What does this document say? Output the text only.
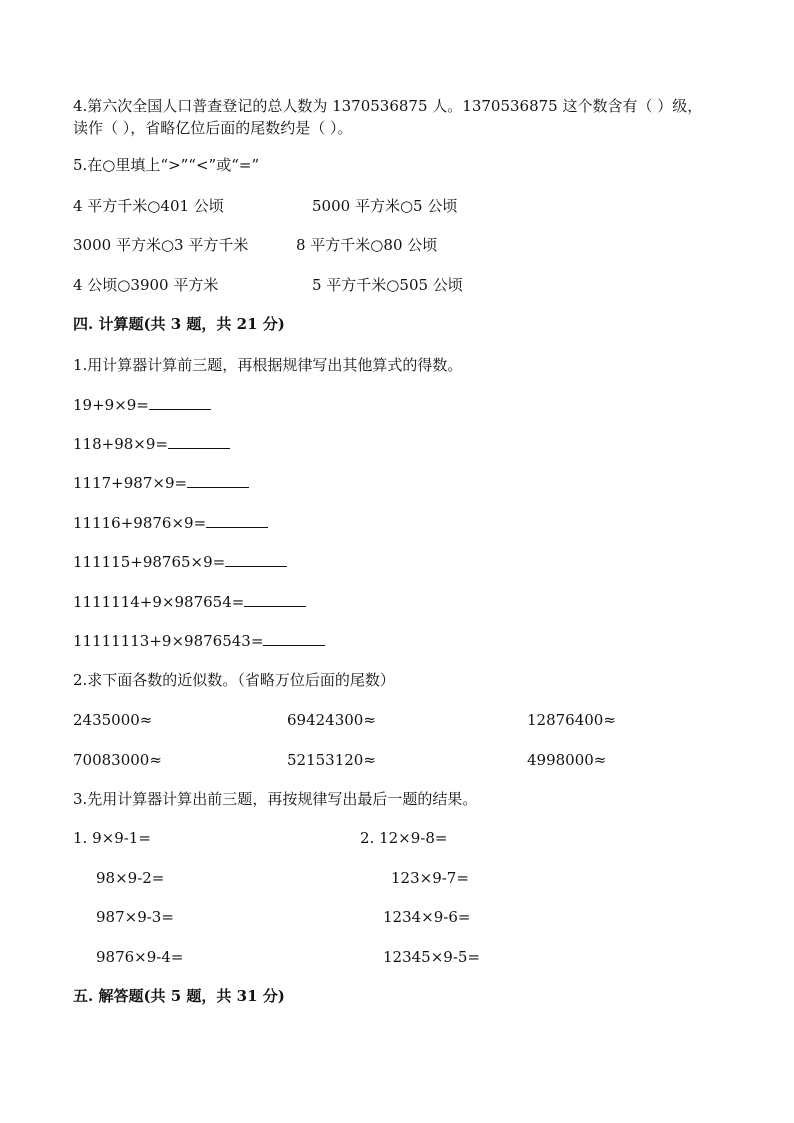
4.第六次全国人口普查登记的总人数为 1370536875 人。1370536875 这个数含有（ ）级，
读作（ ），省略亿位后面的尾数约是（ ）。
5.在○里填上“>”“<”或“=”
4 平方千米○401 公顷	5000 平方米○5 公顷
3000 平方米○3 平方千米	8 平方千米○80 公顷
4 公顷○3900 平方米	5 平方千米○505 公顷
四. 计算题(共 3 题，共 21 分)
1.用计算器计算前三题，再根据规律写出其他算式的得数。
19+9×9=
118+98×9=
1117+987×9=
11116+9876×9=
111115+98765×9=
1111114+9×987654=
11111113+9×9876543=
2.求下面各数的近似数。（省略万位后面的尾数）
2435000≈	69424300≈	12876400≈
70083000≈	52153120≈	4998000≈
3.先用计算器计算出前三题，再按规律写出最后一题的结果。
1. 9×9-1=	2. 12×9-8=
98×9-2=	123×9-7=
987×9-3=	1234×9-6=
9876×9-4=	12345×9-5=
五. 解答题(共 5 题，共 31 分)
